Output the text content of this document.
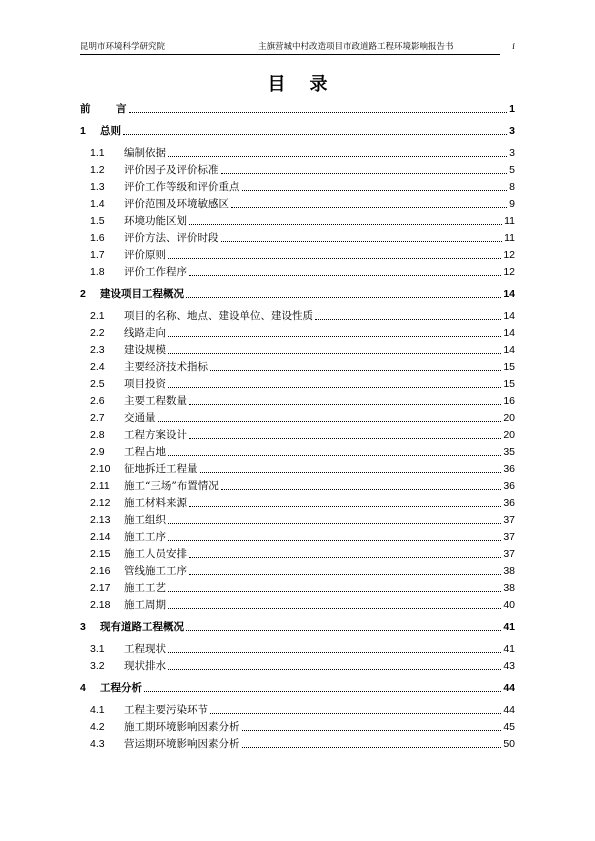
昆明市环境科学研究院	主旗营城中村改造项目市政道路工程环境影响报告书	i
目录
前	言	1
1	总则	3
1.1	编制依据	3
1.2	评价因子及评价标准	5
1.3	评价工作等级和评价重点	8
1.4	评价范围及环境敏感区	9
1.5	环境功能区划	11
1.6	评价方法、评价时段	11
1.7	评价原则	12
1.8	评价工作程序	12
2	建设项目工程概况	14
2.1	项目的名称、地点、建设单位、建设性质	14
2.2	线路走向	14
2.3	建设规模	14
2.4	主要经济技术指标	15
2.5	项目投资	15
2.6	主要工程数量	16
2.7	交通量	20
2.8	工程方案设计	20
2.9	工程占地	35
2.10	征地拆迁工程量	36
2.11	施工“三场”布置情况	36
2.12	施工材料来源	36
2.13	施工组织	37
2.14	施工工序	37
2.15	施工人员安排	37
2.16	管线施工工序	38
2.17	施工工艺	38
2.18	施工周期	40
3	现有道路工程概况	41
3.1	工程现状	41
3.2	现状排水	43
4	工程分析	44
4.1	工程主要污染环节	44
4.2	施工期环境影响因素分析	45
4.3	营运期环境影响因素分析	50
